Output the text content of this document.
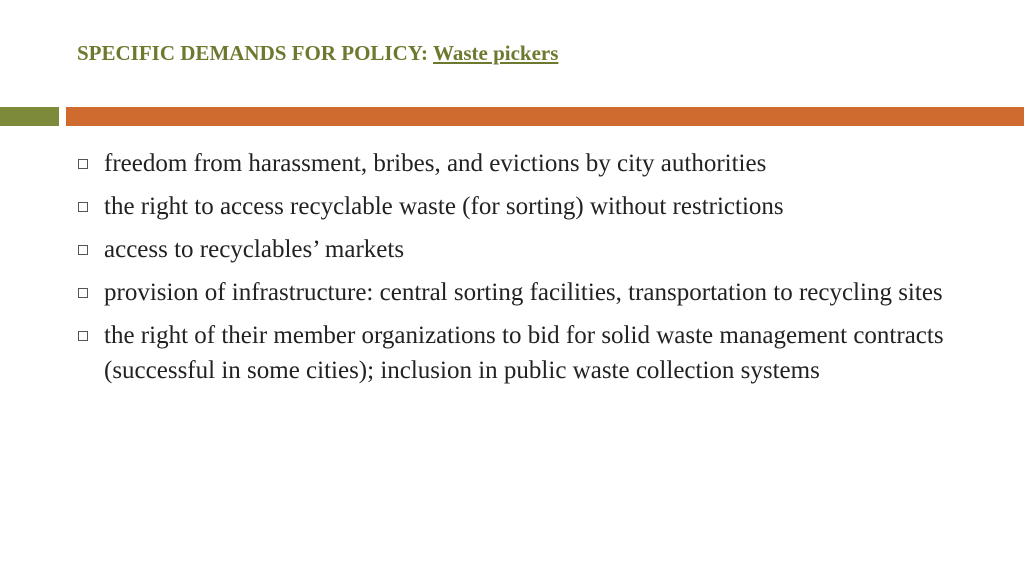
SPECIFIC DEMANDS FOR POLICY: Waste pickers
freedom from harassment, bribes, and evictions by city authorities
the right to access recyclable waste (for sorting) without restrictions
access to recyclables’ markets
provision of infrastructure: central sorting facilities, transportation to recycling sites
the right of their member organizations to bid for solid waste management contracts (successful in some cities); inclusion in public waste collection systems
